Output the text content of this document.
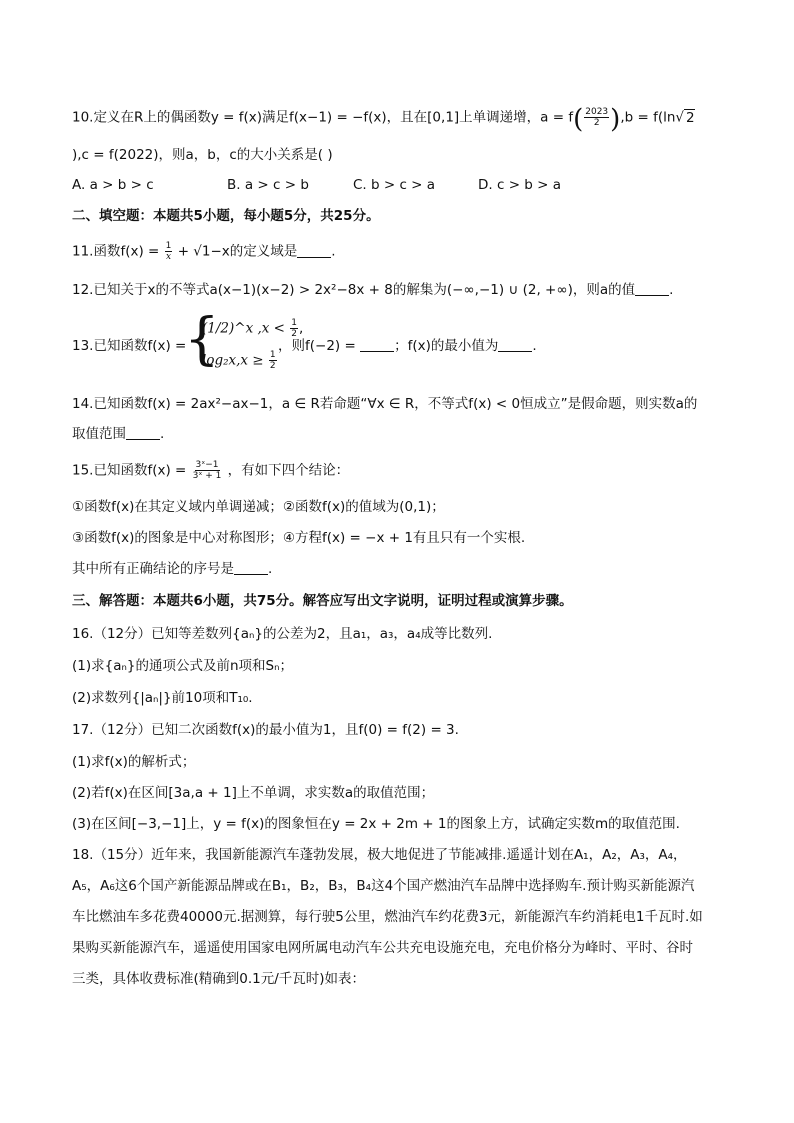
10.定义在R上的偶函数y = f(x)满足f(x−1) = −f(x)，且在[0,1]上单调递增，$a = f( \frac{2023}{2} ),b = f(\ln√$ 2
),c = f(2022)，则a，b，c的大小关系是( )
A. a > b > c	B. a > c > b	C. b > c > a	D. c > b > a
二、填空题：本题共5小题，每小题5分，共25分。
11.函数$f(x) = \frac{1}{x} + √1-x$的定义域是	.
12.已知关于x的不等式a(x−1)(x−2) > 2x²−8x + 8的解集为(−∞,−1) ∪ (2, +∞)，则a的值	.
13.已知函数f(x) =
{
(1/2)^x $,x < \frac{1}{2}$ ,
$\log_2x,x \ge \frac{1}{2}$
，则f(−2) =	；f(x)的最小值为	.
14.已知函数f(x) = 2ax²−ax−1，a ∈ R若命题“∀x ∈ R，不等式f(x) < 0恒成立”是假命题，则实数a的
取值范围	.
15.已知函数$f(x) = \frac{\text{3ˣ−1}}{\text{3ˣ + 1}}$ ，有如下四个结论：
①函数f(x)在其定义域内单调递减；②函数f(x)的值域为(0,1)；
③函数f(x)的图象是中心对称图形；④方程f(x) = −x + 1有且只有一个实根.
其中所有正确结论的序号是	.
三、解答题：本题共6小题，共75分。解答应写出文字说明，证明过程或演算步骤。
16.（12分）已知等差数列{aₙ}的公差为2，且a₁，a₃，a₄成等比数列.
(1)求{aₙ}的通项公式及前n项和Sₙ；
(2)求数列{|aₙ|}前10项和T₁₀.
17.（12分）已知二次函数f(x)的最小值为1，且f(0) = f(2) = 3.
(1)求f(x)的解析式；
(2)若f(x)在区间[3a,a + 1]上不单调，求实数a的取值范围；
(3)在区间[−3,−1]上，y = f(x)的图象恒在y = 2x + 2m + 1的图象上方，试确定实数m的取值范围.
18.（15分）近年来，我国新能源汽车蓬勃发展，极大地促进了节能减排.遥遥计划在A₁，A₂，A₃，A₄，
A₅，A₆这6个国产新能源品牌或在B₁，B₂，B₃，B₄这4个国产燃油汽车品牌中选择购车.预计购买新能源汽
车比燃油车多花费40000元.据测算，每行驶5公里，燃油汽车约花费3元，新能源汽车约消耗电1千瓦时.如
果购买新能源汽车，遥遥使用国家电网所属电动汽车公共充电设施充电，充电价格分为峰时、平时、谷时
三类，具体收费标准(精确到0.1元/千瓦时)如表：
